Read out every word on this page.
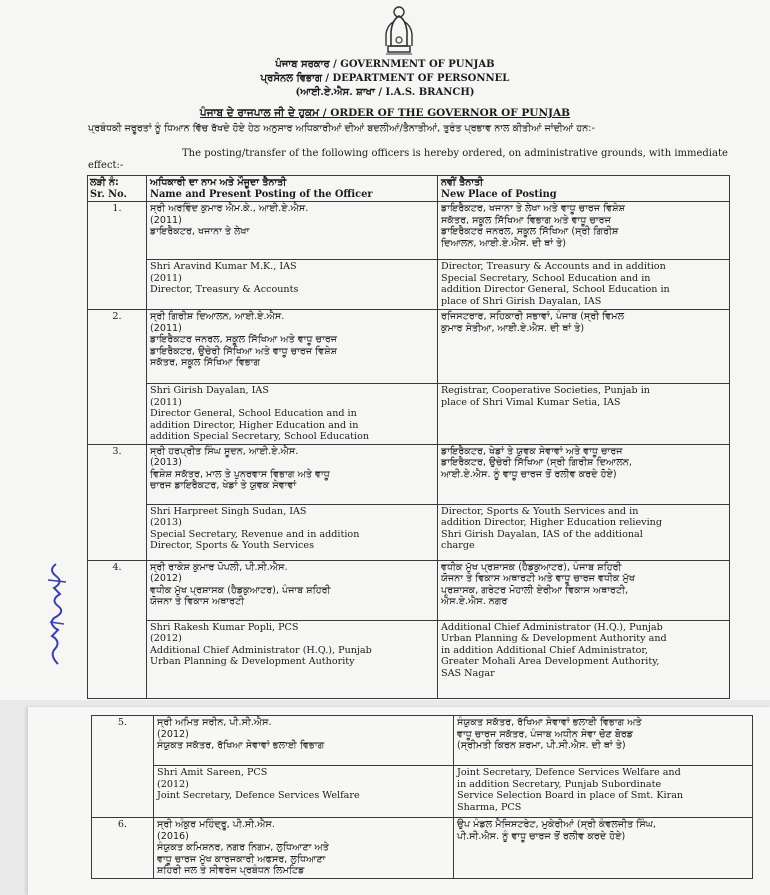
ਪੰਜਾਬ ਸਰਕਾਰ / GOVERNMENT OF PUNJAB
ਪ੍ਰਸੋਨਲ ਵਿਭਾਗ / DEPARTMENT OF PERSONNEL
(ਆਈ.ਏ.ਐਸ. ਸ਼ਾਖਾ / I.A.S. BRANCH)
ਪੰਜਾਬ ਦੇ ਰਾਜਪਾਲ ਜੀ ਦੇ ਹੁਕਮ / ORDER OF THE GOVERNOR OF PUNJAB
ਪ੍ਰਬੰਧਕੀ ਜਰੂਰਤਾਂ ਨੂੰ ਧਿਆਨ ਵਿੱਚ ਰੱਖਦੇ ਹੋਏ ਹੇਠ ਅਨੁਸਾਰ ਅਧਿਕਾਰੀਆਂ ਦੀਆਂ ਬਦਲੀਆਂ/ਤੈਨਾਤੀਆਂ, ਤੁਰੰਤ ਪ੍ਰਭਾਵ ਨਾਲ ਕੀਤੀਆਂ ਜਾਂਦੀਆਂ ਹਨ:-
The posting/transfer of the following officers is hereby ordered, on administrative grounds, with immediate effect:-
ਲੜੀ ਨੰ:
Sr. No.	ਅਧਿਕਾਰੀ ਦਾ ਨਾਮ ਅਤੇ ਮੌਜੂਦਾ ਤੈਨਾਤੀ
Name and Present Posting of the Officer	ਨਵੀਂ ਤੈਨਾਤੀ
New Place of Posting

1.	ਸ੍ਰੀ ਅਰਵਿੰਦ ਕੁਮਾਰ ਐਮ.ਕੇ., ਆਈ.ਏ.ਐਸ.
(2011)
ਡਾਇਰੈਕਟਰ, ਖਜਾਨਾ ਤੇ ਲੇਖਾ	ਡਾਇਰੈਕਟਰ, ਖਜਾਨਾ ਤੇ ਲੇਖਾ ਅਤੇ ਵਾਧੂ ਚਾਰਜ ਵਿਸ਼ੇਸ਼
ਸਕੱਤਰ, ਸਕੂਲ ਸਿੱਖਿਆ ਵਿਭਾਗ ਅਤੇ ਵਾਧੂ ਚਾਰਜ
ਡਾਇਰੈਕਟਰ ਜਨਰਲ, ਸਕੂਲ ਸਿੱਖਿਆ (ਸ੍ਰੀ ਗਿਰੀਸ਼
ਦਿਆਲਨ, ਆਈ.ਏ.ਐਸ. ਦੀ ਥਾਂ ਤੇ)

	Shri Aravind Kumar M.K., IAS
(2011)
Director, Treasury & Accounts	Director, Treasury & Accounts and in addition
Special Secretary, School Education and in
addition Director General, School Education in
place of Shri Girish Dayalan, IAS

2.	ਸ੍ਰੀ ਗਿਰੀਸ਼ ਦਿਆਲਨ, ਆਈ.ਏ.ਐਸ.
(2011)
ਡਾਇਰੈਕਟਰ ਜਨਰਲ, ਸਕੂਲ ਸਿੱਖਿਆ ਅਤੇ ਵਾਧੂ ਚਾਰਜ
ਡਾਇਰੈਕਟਰ, ਉਚੇਰੀ ਸਿੱਖਿਆ ਅਤੇ ਵਾਧੂ ਚਾਰਜ ਵਿਸ਼ੇਸ਼
ਸਕੱਤਰ, ਸਕੂਲ ਸਿੱਖਿਆ ਵਿਭਾਗ	ਰਜਿਸਟਰਾਰ, ਸਹਿਕਾਰੀ ਸਭਾਵਾਂ, ਪੰਜਾਬ (ਸ੍ਰੀ ਵਿਮਲ
ਕੁਮਾਰ ਸੇਤੀਆ, ਆਈ.ਏ.ਐਸ. ਦੀ ਥਾਂ ਤੇ)

	Shri Girish Dayalan, IAS
(2011)
Director General, School Education and in
addition Director, Higher Education and in
addition Special Secretary, School Education	Registrar, Cooperative Societies, Punjab in
place of Shri Vimal Kumar Setia, IAS

3.	ਸ੍ਰੀ ਹਰਪ੍ਰੀਤ ਸਿੰਘ ਸੂਦਨ, ਆਈ.ਏ.ਐਸ.
(2013)
ਵਿਸ਼ੇਸ਼ ਸਕੱਤਰ, ਮਾਲ ਤੇ ਪੁਨਰਵਾਸ ਵਿਭਾਗ ਅਤੇ ਵਾਧੂ
ਚਾਰਜ ਡਾਇਰੈਕਟਰ, ਖੇਡਾਂ ਤੇ ਯੁਵਕ ਸੇਵਾਵਾਂ	ਡਾਇਰੈਕਟਰ, ਖੇਡਾਂ ਤੇ ਯੁਵਕ ਸੇਵਾਵਾਂ ਅਤੇ ਵਾਧੂ ਚਾਰਜ
ਡਾਇਰੈਕਟਰ, ਉਚੇਰੀ ਸਿੱਖਿਆ (ਸ੍ਰੀ ਗਿਰੀਸ਼ ਦਿਆਲਨ,
ਆਈ.ਏ.ਐਸ. ਨੂੰ ਵਾਧੂ ਚਾਰਜ ਤੋਂ ਰਲੀਵ ਕਰਦੇ ਹੋਏ)

	Shri Harpreet Singh Sudan, IAS
(2013)
Special Secretary, Revenue and in addition
Director, Sports & Youth Services	Director, Sports & Youth Services and in
addition Director, Higher Education relieving
Shri Girish Dayalan, IAS of the additional
charge

4.	ਸ੍ਰੀ ਰਾਕੇਸ਼ ਕੁਮਾਰ ਪੋਪਲੀ, ਪੀ.ਸੀ.ਐਸ.
(2012)
ਵਧੀਕ ਮੁੱਖ ਪ੍ਰਸ਼ਾਸਕ (ਹੈਡਕੁਆਟਰ), ਪੰਜਾਬ ਸ਼ਹਿਰੀ
ਯੋਜਨਾ ਤੇ ਵਿਕਾਸ ਅਥਾਰਟੀ	ਵਧੀਕ ਮੁੱਖ ਪ੍ਰਸ਼ਾਸਕ (ਹੈਡਕੁਆਟਰ), ਪੰਜਾਬ ਸ਼ਹਿਰੀ
ਯੋਜਨਾ ਤੇ ਵਿਕਾਸ ਅਥਾਰਟੀ ਅਤੇ ਵਾਧੂ ਚਾਰਜ ਵਧੀਕ ਮੁੱਖ
ਪ੍ਰਸ਼ਾਸਕ, ਗਰੇਟਰ ਮੋਹਾਲੀ ਏਰੀਆ ਵਿਕਾਸ ਅਥਾਰਟੀ,
ਐਸ.ਏ.ਐਸ. ਨਗਰ

	Shri Rakesh Kumar Popli, PCS
(2012)
Additional Chief Administrator (H.Q.), Punjab
Urban Planning & Development Authority	Additional Chief Administrator (H.Q.), Punjab
Urban Planning & Development Authority and
in addition Additional Chief Administrator,
Greater Mohali Area Development Authority,
SAS Nagar
5.	ਸ੍ਰੀ ਅਮਿਤ ਸਰੀਨ, ਪੀ.ਸੀ.ਐਸ.
(2012)
ਸੰਯੁਕਤ ਸਕੱਤਰ, ਰੱਖਿਆ ਸੇਵਾਵਾਂ ਭਲਾਈ ਵਿਭਾਗ	ਸੰਯੁਕਤ ਸਕੱਤਰ, ਰੱਖਿਆ ਸੇਵਾਵਾਂ ਭਲਾਈ ਵਿਭਾਗ ਅਤੇ
ਵਾਧੂ ਚਾਰਜ ਸਕੱਤਰ, ਪੰਜਾਬ ਅਧੀਨ ਸੇਵਾ ਚੋਣ ਬੋਰਡ
(ਸ੍ਰੀਮਤੀ ਕਿਰਨ ਸ਼ਰਮਾ, ਪੀ.ਸੀ.ਐਸ. ਦੀ ਥਾਂ ਤੇ)

	Shri Amit Sareen, PCS
(2012)
Joint Secretary, Defence Services Welfare	Joint Secretary, Defence Services Welfare and
in addition Secretary, Punjab Subordinate
Service Selection Board in place of Smt. Kiran
Sharma, PCS

6.	ਸ੍ਰੀ ਅੰਕੁਰ ਮਹਿੰਦ੍ਰੂ, ਪੀ.ਸੀ.ਐਸ.
(2016)
ਸੰਯੁਕਤ ਕਮਿਸ਼ਨਰ, ਨਗਰ ਨਿਗਮ, ਲੁਧਿਆਣਾ ਅਤੇ
ਵਾਧੂ ਚਾਰਜ ਮੁੱਖ ਕਾਰਜਕਾਰੀ ਅਫਸਰ, ਲੁਧਿਆਣਾ
ਸ਼ਹਿਰੀ ਜਲ ਤੇ ਸੀਵਰੇਜ ਪ੍ਰਬੰਧਨ ਲਿਮਟਿਡ	ਉਪ ਮੰਡਲ ਮੈਜਿਸਟਰੇਟ, ਮੁਕੇਰੀਆਂ (ਸ੍ਰੀ ਕੰਵਲਜੀਤ ਸਿੰਘ,
ਪੀ.ਸੀ.ਐਸ. ਨੂੰ ਵਾਧੂ ਚਾਰਜ ਤੋਂ ਰਲੀਵ ਕਰਦੇ ਹੋਏ)
